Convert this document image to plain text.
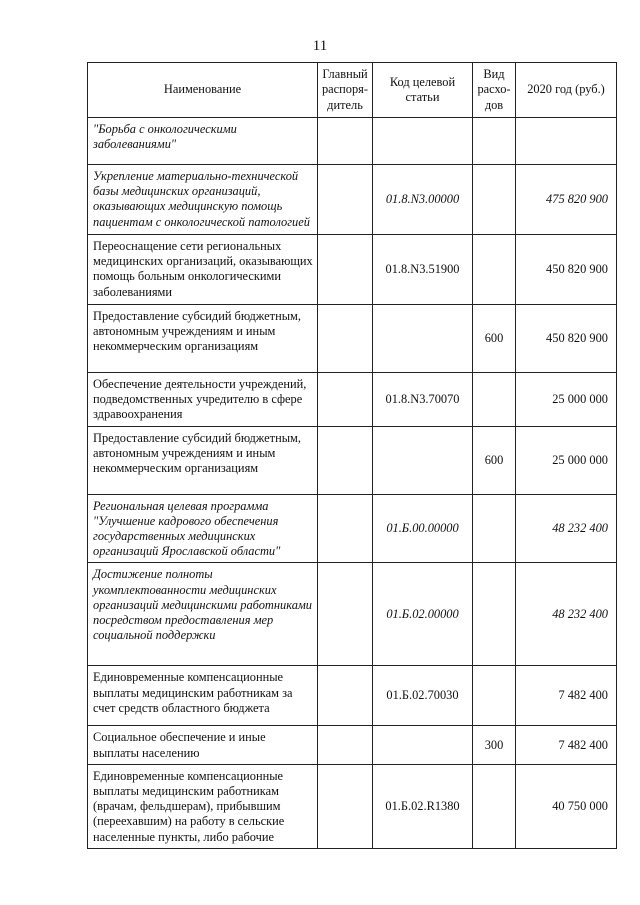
11
Наименование	Главный распоря-дитель	Код целевой статьи	Вид расхо-дов	2020 год (руб.)
"Борьба с онкологическими заболеваниями"				
Укрепление материально-технической базы медицинских организаций, оказывающих медицинскую помощь пациентам с онкологической патологией		01.8.N3.00000		475 820 900
Переоснащение сети региональных медицинских организаций, оказывающих помощь больным онкологическими заболеваниями		01.8.N3.51900		450 820 900
Предоставление субсидий бюджетным, автономным учреждениям и иным некоммерческим организациям			600	450 820 900
Обеспечение деятельности учреждений, подведомственных учредителю в сфере здравоохранения		01.8.N3.70070		25 000 000
Предоставление субсидий бюджетным, автономным учреждениям и иным некоммерческим организациям			600	25 000 000
Региональная целевая программа "Улучшение кадрового обеспечения государственных медицинских организаций Ярославской области"		01.Б.00.00000		48 232 400
Достижение полноты укомплектованности медицинских организаций медицинскими работниками посредством предоставления мер социальной поддержки		01.Б.02.00000		48 232 400
Единовременные компенсационные выплаты медицинским работникам за счет средств областного бюджета		01.Б.02.70030		7 482 400
Социальное обеспечение и иные выплаты населению			300	7 482 400
Единовременные компенсационные выплаты медицинским работникам (врачам, фельдшерам), прибывшим (переехавшим) на работу в сельские населенные пункты, либо рабочие		01.Б.02.R1380		40 750 000
